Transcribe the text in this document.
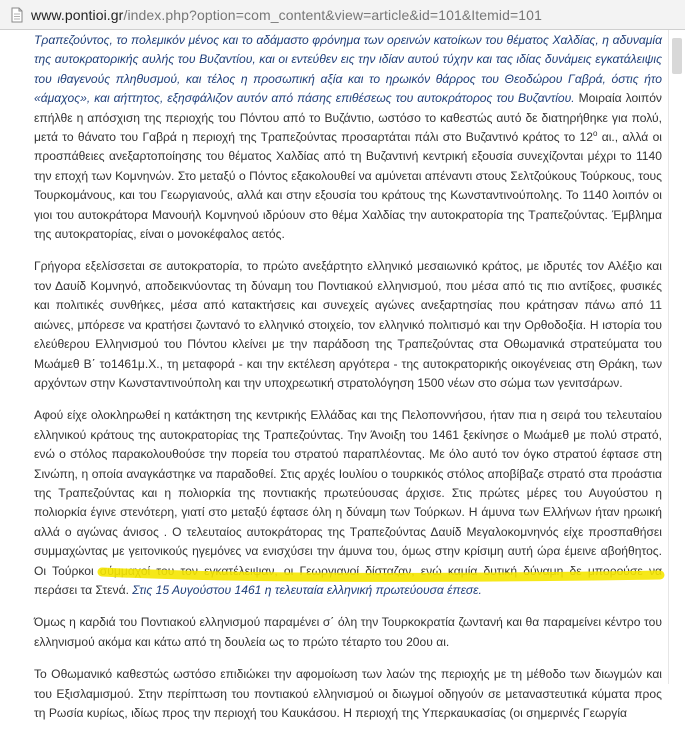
www.pontioi.gr/index.php?option=com_content&view=article&id=101&Itemid=101

Τραπεζούντος, το πολεμικόν μένος και το αδάμαστο φρόνημα των ορεινών κατοίκων του θέματος Χαλδίας, η αδυναμία της αυτοκρατορικής αυλής του Βυζαντίου, και οι εντεύθεν εις την ιδίαν αυτού τύχην και τας ιδίας δυνάμεις εγκατάλειψις του ιθαγενούς πληθυσμού, και τέλος η προσωπική αξία και το ηρωικόν θάρρος του Θεοδώρου Γαβρά, όστις ήτο «άμαχος», και αήττητος, εξησφάλιζον αυτόν από πάσης επιθέσεως του αυτοκράτορος του Βυζαντίου. Μοιραία λοιπόν επήλθε η απόσχιση της περιοχής του Πόντου από το Βυζάντιο, ωστόσο το καθεστώς αυτό δε διατηρήθηκε για πολύ, μετά το θάνατο του Γαβρά η περιοχή της Τραπεζούντας προσαρτάται πάλι στο Βυζαντινό κράτος το $12^o$ αι., αλλά οι προσπάθειες ανεξαρτοποίησης του θέματος Χαλδίας από τη Βυζαντινή κεντρική εξουσία συνεχίζονται μέχρι το 1140 την εποχή των Κομνηνών. Στο μεταξύ ο Πόντος εξακολουθεί να αμύνεται απέναντι στους Σελτζούκους Τούρκους, τους Τουρκομάνους, και του Γεωργιανούς, αλλά και στην εξουσία του κράτους της Κωνσταντινούπολης. Το 1140 λοιπόν οι γιοι του αυτοκράτορα Μανουήλ Κομνηνού ιδρύουν στο θέμα Χαλδίας την αυτοκρατορία της Τραπεζούντας. Έμβλημα της αυτοκρατορίας, είναι ο μονοκέφαλος αετός.

Γρήγορα εξελίσσεται σε αυτοκρατορία, το πρώτο ανεξάρτητο ελληνικό μεσαιωνικό κράτος, με ιδρυτές τον Αλέξιο και τον Δαυίδ Κομνηνό, αποδεικνύοντας τη δύναμη του Ποντιακού ελληνισμού, που μέσα από τις πιο αντίξοες, φυσικές και πολιτικές συνθήκες, μέσα από κατακτήσεις και συνεχείς αγώνες ανεξαρτησίας που κράτησαν πάνω από 11 αιώνες, μπόρεσε να κρατήσει ζωντανό το ελληνικό στοιχείο, τον ελληνικό πολιτισμό και την Ορθοδοξία. Η ιστορία του ελεύθερου Ελληνισμού του Πόντου κλείνει με την παράδοση της Τραπεζούντας στα Οθωμανικά στρατεύματα του Μωάμεθ Β΄ το1461μ.Χ., τη μεταφορά - και την εκτέλεση αργότερα - της αυτοκρατορικής οικογένειας στη Θράκη, των αρχόντων στην Κωνσταντινούπολη και την υποχρεωτική στρατολόγηση 1500 νέων στο σώμα των γενιτσάρων.

Αφού είχε ολοκληρωθεί η κατάκτηση της κεντρικής Ελλάδας και της Πελοποννήσου, ήταν πια η σειρά του τελευταίου ελληνικού κράτους της αυτοκρατορίας της Τραπεζούντας. Την Άνοιξη του 1461 ξεκίνησε ο Μωάμεθ με πολύ στρατό, ενώ ο στόλος παρακολουθούσε την πορεία του στρατού παραπλέοντας. Με όλο αυτό τον όγκο στρατού έφτασε στη Σινώπη, η οποία αναγκάστηκε να παραδοθεί. Στις αρχές Ιουλίου ο τουρκικός στόλος αποβίβαζε στρατό στα προάστια της Τραπεζούντας και η πολιορκία της ποντιακής πρωτεύουσας άρχισε. Στις πρώτες μέρες του Αυγούστου η πολιορκία έγινε στενότερη, γιατί στο μεταξύ έφτασε όλη η δύναμη των Τούρκων. Η άμυνα των Ελλήνων ήταν ηρωική αλλά ο αγώνας άνισος . Ο τελευταίος αυτοκράτορας της Τραπεζούντας Δαυίδ Μεγαλοκομνηνός είχε προσπαθήσει συμμαχώντας με γειτονικούς ηγεμόνες να ενισχύσει την άμυνα του, όμως στην κρίσιμη αυτή ώρα έμεινε αβοήθητος. Οι Τούρκοι σύμμαχοί του τον εγκατέλειψαν, οι Γεωργιανοί δίσταζαν, ενώ καμία δυτική δύναμη δε μπορούσε να περάσει τα Στενά. Στις 15 Αυγούστου 1461 η τελευταία ελληνική πρωτεύουσα έπεσε.

Όμως η καρδιά του Ποντιακού ελληνισμού παραμένει σ΄ όλη την Τουρκοκρατία ζωντανή και θα παραμείνει κέντρο του ελληνισμού ακόμα και κάτω από τη δουλεία ως το πρώτο τέταρτο του 20ου αι.

Το Οθωμανικό καθεστώς ωστόσο επιδιώκει την αφομοίωση των λαών της περιοχής με τη μέθοδο των διωγμών και του Εξισλαμισμού. Στην περίπτωση του ποντιακού ελληνισμού οι διωγμοί οδηγούν σε μεταναστευτικά κύματα προς τη Ρωσία κυρίως, ιδίως προς την περιοχή του Καυκάσου. Η περιοχή της Υπερκαυκασίας (οι σημερινές Γεωργία
